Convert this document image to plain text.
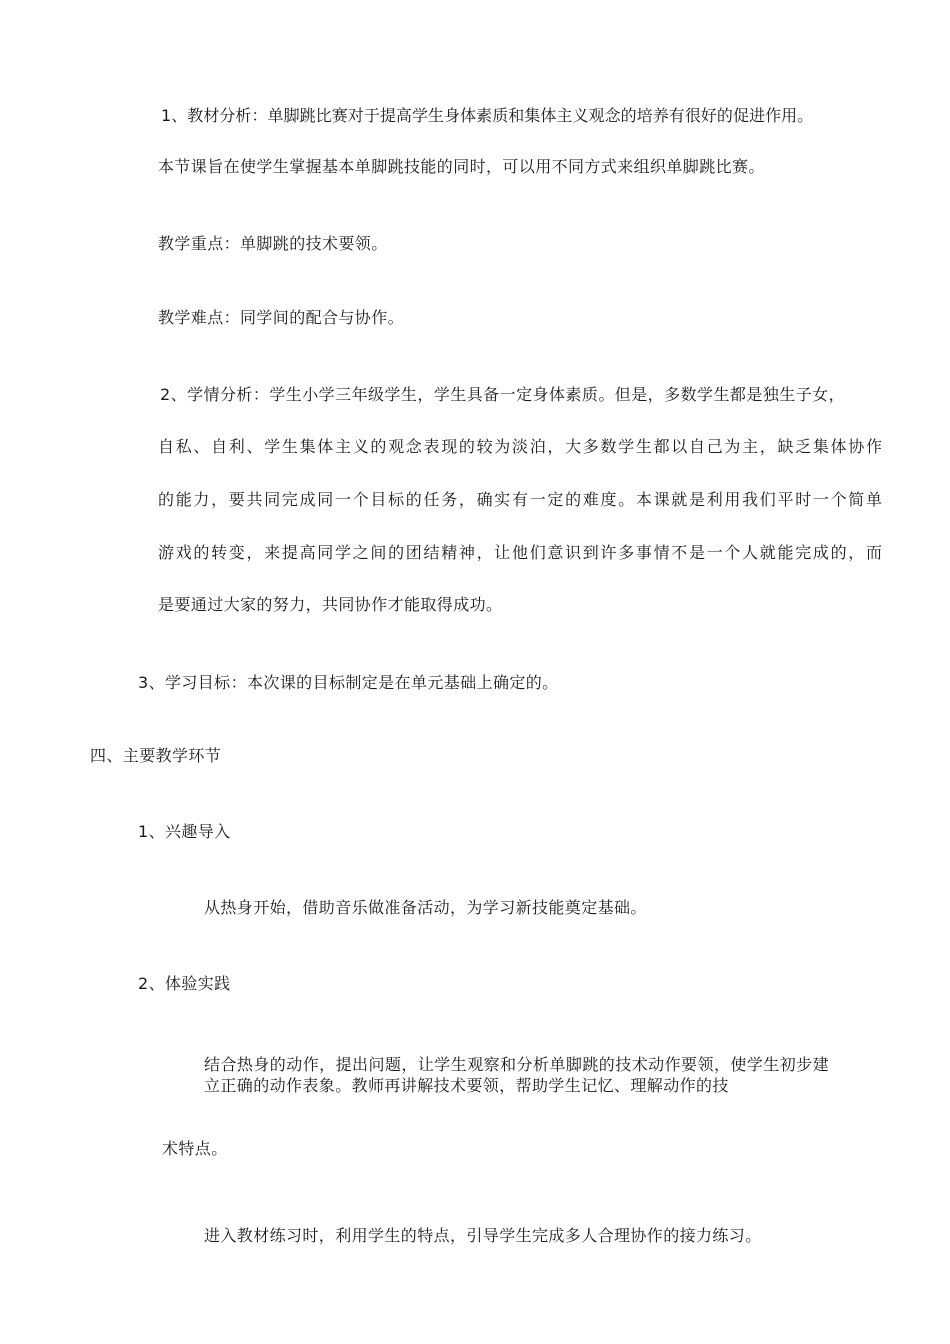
1、教材分析：单脚跳比赛对于提高学生身体素质和集体主义观念的培养有很好的促进作用。
本节课旨在使学生掌握基本单脚跳技能的同时，可以用不同方式来组织单脚跳比赛。
教学重点：单脚跳的技术要领。
教学难点：同学间的配合与协作。
2、学情分析：学生小学三年级学生，学生具备一定身体素质。但是，多数学生都是独生子女，
自私、自利、学生集体主义的观念表现的较为淡泊，大多数学生都以自己为主，缺乏集体协作
的能力，要共同完成同一个目标的任务，确实有一定的难度。本课就是利用我们平时一个简单
游戏的转变，来提高同学之间的团结精神，让他们意识到许多事情不是一个人就能完成的，而
是要通过大家的努力，共同协作才能取得成功。
3、学习目标：本次课的目标制定是在单元基础上确定的。
四、主要教学环节
1、兴趣导入
从热身开始，借助音乐做准备活动，为学习新技能奠定基础。
2、体验实践
结合热身的动作，提出问题，让学生观察和分析单脚跳的技术动作要领，使学生初步建
立正确的动作表象。教师再讲解技术要领，帮助学生记忆、理解动作的技
术特点。
进入教材练习时，利用学生的特点，引导学生完成多人合理协作的接力练习。
